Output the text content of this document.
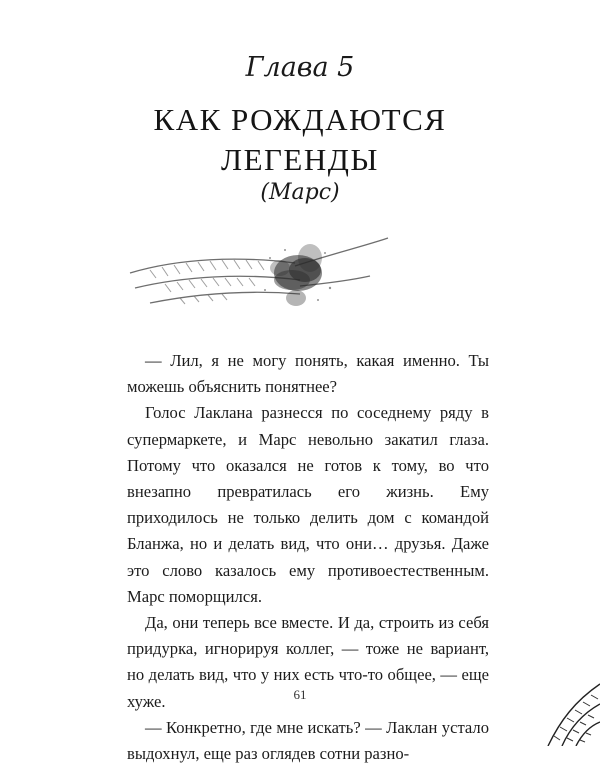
Глава 5
КАК РОЖДАЮТСЯ
ЛЕГЕНДЫ
(Марс)

— Лил, я не могу понять, какая именно. Ты можешь объяснить понятнее?

Голос Лаклана разнесся по соседнему ряду в супермаркете, и Марс невольно закатил глаза. Потому что оказался не готов к тому, во что внезапно превратилась его жизнь. Ему приходилось не только делить дом с командой Бланжа, но и делать вид, что они… друзья. Даже это слово казалось ему противоестественным. Марс поморщился.

Да, они теперь все вместе. И да, строить из себя придурка, игнорируя коллег, — тоже не вариант, но делать вид, что у них есть что-то общее, — еще хуже.

— Конкретно, где мне искать? — Лаклан устало выдохнул, еще раз оглядев сотни разно-

61
